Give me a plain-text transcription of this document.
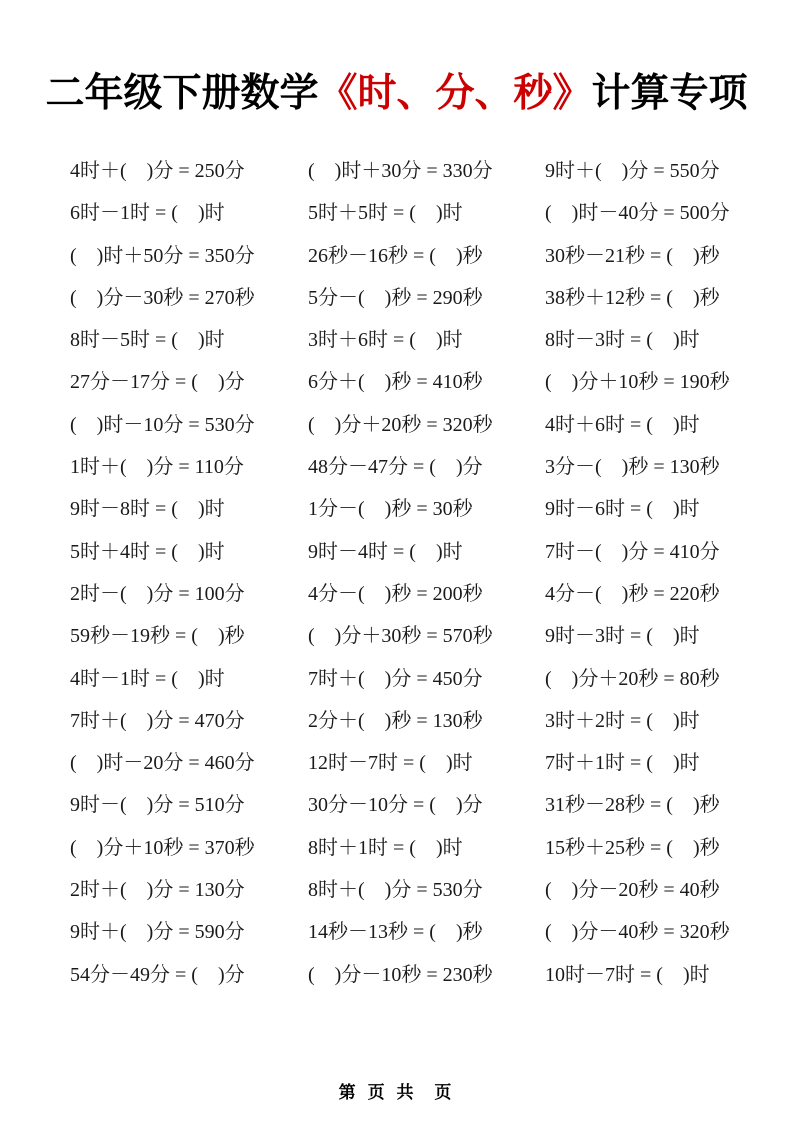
二年级下册数学《时、分、秒》计算专项
4时＋(　)分 = 250分
6时－1时 = (　)时
(　)时＋50分 = 350分
(　)分－30秒 = 270秒
8时－5时 = (　)时
27分－17分 = (　)分
(　)时－10分 = 530分
1时＋(　)分 = 110分
9时－8时 = (　)时
5时＋4时 = (　)时
2时－(　)分 = 100分
59秒－19秒 = (　)秒
4时－1时 = (　)时
7时＋(　)分 = 470分
(　)时－20分 = 460分
9时－(　)分 = 510分
(　)分＋10秒 = 370秒
2时＋(　)分 = 130分
9时＋(　)分 = 590分
54分－49分 = (　)分
(　)时＋30分 = 330分
5时＋5时 = (　)时
26秒－16秒 = (　)秒
5分－(　)秒 = 290秒
3时＋6时 = (　)时
6分＋(　)秒 = 410秒
(　)分＋20秒 = 320秒
48分－47分 = (　)分
1分－(　)秒 = 30秒
9时－4时 = (　)时
4分－(　)秒 = 200秒
(　)分＋30秒 = 570秒
7时＋(　)分 = 450分
2分＋(　)秒 = 130秒
12时－7时 = (　)时
30分－10分 = (　)分
8时＋1时 = (　)时
8时＋(　)分 = 530分
14秒－13秒 = (　)秒
(　)分－10秒 = 230秒
9时＋(　)分 = 550分
(　)时－40分 = 500分
30秒－21秒 = (　)秒
38秒＋12秒 = (　)秒
8时－3时 = (　)时
(　)分＋10秒 = 190秒
4时＋6时 = (　)时
3分－(　)秒 = 130秒
9时－6时 = (　)时
7时－(　)分 = 410分
4分－(　)秒 = 220秒
9时－3时 = (　)时
(　)分＋20秒 = 80秒
3时＋2时 = (　)时
7时＋1时 = (　)时
31秒－28秒 = (　)秒
15秒＋25秒 = (　)秒
(　)分－20秒 = 40秒
(　)分－40秒 = 320秒
10时－7时 = (　)时
第 页 共  页
